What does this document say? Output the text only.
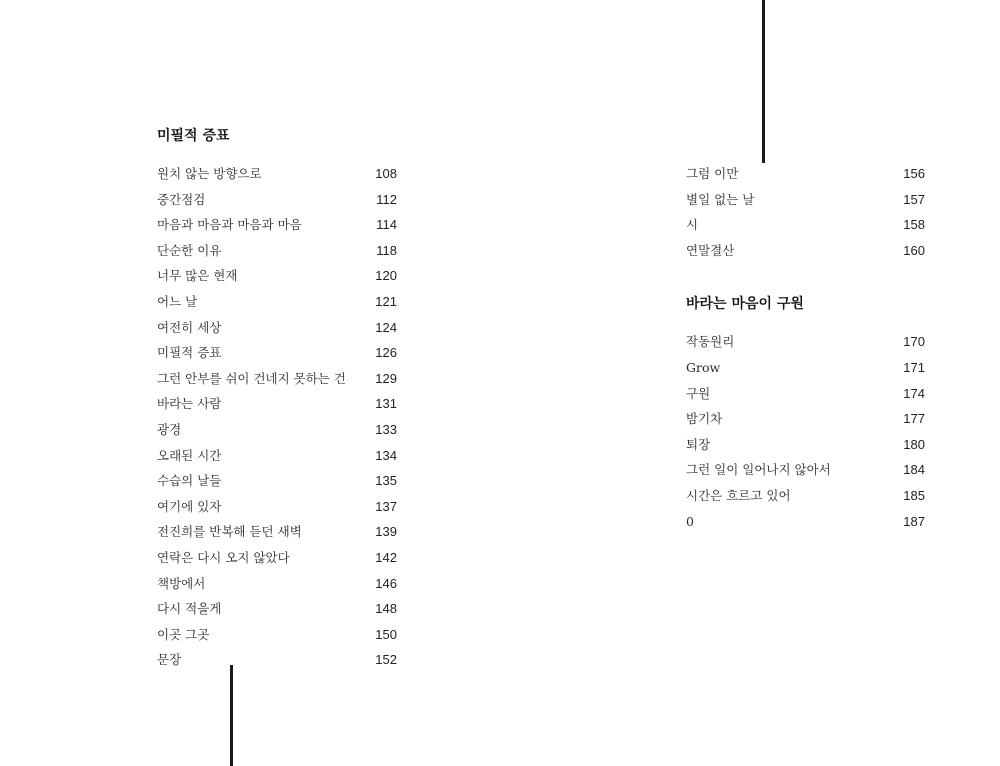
미필적 증표
원치 않는 방향으로	108
중간점검	112
마음과 마음과 마음과 마음	114
단순한 이유	118
너무 많은 현재	120
어느 날	121
여전히 세상	124
미필적 증표	126
그런 안부를 쉬이 건네지 못하는 건 129
바라는 사람	131
광경	133
오래된 시간	134
수습의 날들	135
여기에 있자	137
전진희를 반복해 듣던 새벽	139
연락은 다시 오지 않았다	142
책방에서	146
다시 적을게	148
이곳 그곳	150
문장	152
그럼 이만	156
별일 없는 날	157
시	158
연말결산	160
바라는 마음이 구원
작동원리	170
Grow	171
구원	174
밤기차	177
퇴장	180
그런 일이 일어나지 않아서	184
시간은 흐르고 있어	185
0	187
